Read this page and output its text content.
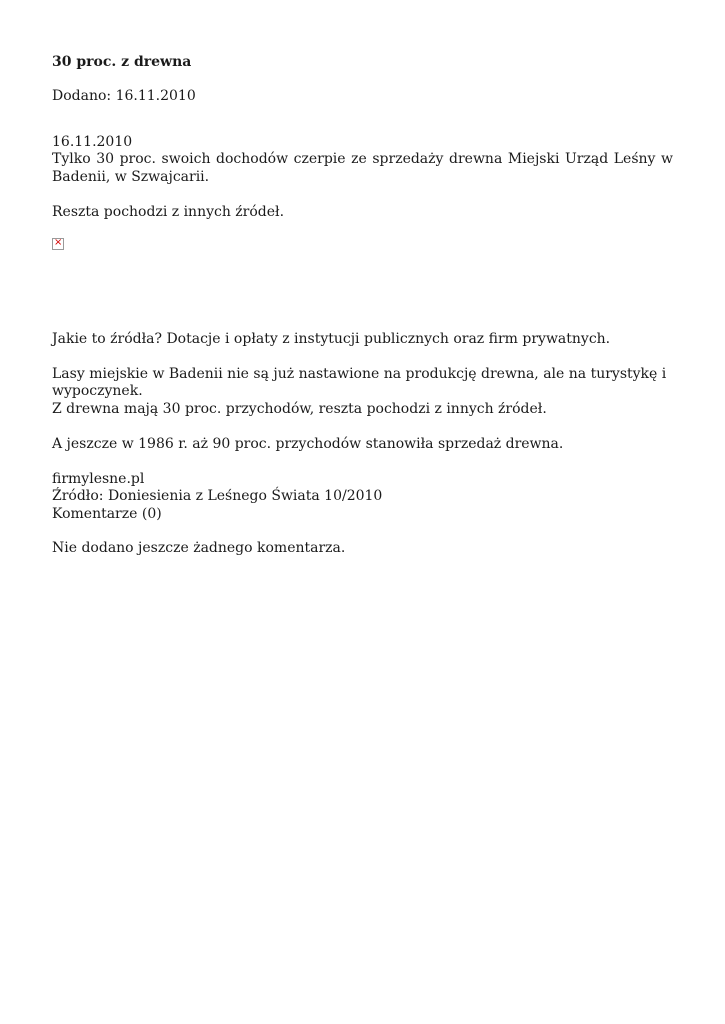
30 proc. z drewna
Dodano: 16.11.2010
16.11.2010
Tylko 30 proc. swoich dochodów czerpie ze sprzedaży drewna Miejski Urząd Leśny w Badenii, w Szwajcarii.
Reszta pochodzi z innych źródeł.
×
Jakie to źródła? Dotacje i opłaty z instytucji publicznych oraz firm prywatnych.
Lasy miejskie w Badenii nie są już nastawione na produkcję drewna, ale na turystykę i wypoczynek.
Z drewna mają 30 proc. przychodów, reszta pochodzi z innych źródeł.
A jeszcze w 1986 r. aż 90 proc. przychodów stanowiła sprzedaż drewna.
firmylesne.pl
Źródło: Doniesienia z Leśnego Świata 10/2010
Komentarze (0)
Nie dodano jeszcze żadnego komentarza.
